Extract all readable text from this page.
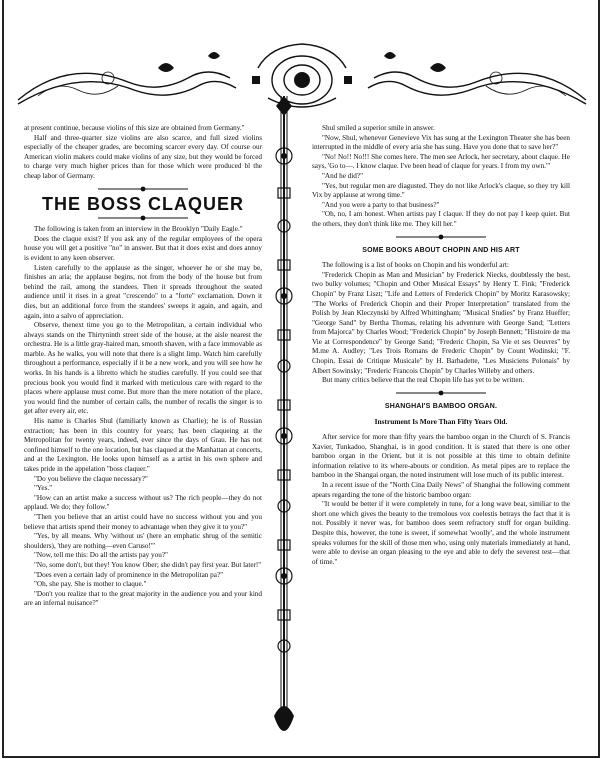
at present continue, because violins of this size are obtained from Germany."

Half and three-quarter size violins are also scarce, and full sized violins especially of the cheaper grades, are becoming scarcer every day. Of course our American violin makers could make violins of any size, but they would be forced to charge very much higher prices than for those which were produced bl the cheap labor of Germany.

THE BOSS CLAQUER

The following is taken from an interview in the Brooklyn "Daily Eagle."

Does the claque exist? If you ask any of the regular employees of the opera house you will get a positive "no" in answer. But that it does exist and does annoy is evident to any keen observer.

Listen carefully to the applause as the singer, whoever he or she may be, finishes an aria; the applause begins, not from the body of the house but from behind the rail, among the standees. Then it spreads throughout the seated audience until it rises in a great "crescendo" to a "forte" exclamation. Down it dies, but an additional force from the standees' sweeps it again, and again, and again, into a salvo of appreciation.

Observe, thenext time you go to the Metropolitan, a certain individual who always stands on the Thirtyninth street side of the house, at the aisle nearest the orchestra. He is a little gray-haired man, smooth shaven, with a face immovable as marble. As he walks, you will note that there is a slight limp. Watch him carefully throughout a performance, especially if it be a new work, and you will see how he works. In his hands is a libretto which he studies carefully. If you could see that precious book you would find it marked with meticulous care with regard to the places where applause must come. But more than the mere notation of the place, you would find the number of certain calls, the number of recalls the singer is to get after every air, etc.

His name is Charles Shul (familiarly known as Charlie); he is of Russian extraction; has been in this country for years; has been claqueing at the Metropolitan for twenty years, indeed, ever since the days of Grau. He has not confined himself to the one location, but has claqued at the Manhattan at concerts, and at the Lexington. He looks upon himself as a artist in his own sphere and takes pride in the appelation "boss claquer."

"Do you believe the claque necessary?"

"Yes."

"How can an artist make a success without us? The rich people—they do not applaud. We do; they follow."

"Then you believe that an artist could have no success without you and you believe that artists spend their money to advantage when they give it to you?"

"Yes, by all means. Why 'without us' (here an emphatic shrug of the semitic shoulders), 'they are nothing—even Caruso!'"

"Now, tell me this: Do all the artists pay you?"

"No, some don't, but they! You know Ober; she didn't pay first year. But later!"

"Does even a certain lady of prominence in the Metropolitan pa?"

"Oh, she pay. She is mother to claque."

"Don't you realize that to the great majority in the audience you and your kind are an infernal nuisance?"

Shul smiled a superior smile in answer.

"Now, Shul, whenever Genevieve Vix has sung at the Lexington Theater she has been interrupted in the middle of every aria she has sung. Have you done that to save her?"

"No! No!! No!!! She comes here. The men see Arlock, her secretary, about claque. He says, 'Go to—. I know claque. I've been head of claque for years. I from my own.'"

"And he did?"

"Yes, but regular men are diagusted. They do not like Arlock's claque, so they try kill Vix by applause at wrong time."

"And you were a party to that business?"

"Oh, no, I am honest. When artists pay I claque. If they do not pay I keep quiet. But the others, they don't think like me. They kill her."

SOME BOOKS ABOUT CHOPIN AND HIS ART

The following is a list of books on Chopin and his wonderful art:

"Frederick Chopin as Man and Musician" by Frederick Niecks, doubtlessly the best, two bulky volumes; "Chopin and Other Musical Essays" by Henry T. Fink; "Frederick Chopin" by Franz Liszt; "Life and Letters of Frederick Chopin" by Moritz Karasowsky; "The Works of Frederick Chopin and their Proper Interpretation" translated from the Polish by Jean Kleczynski by Alfred Whittingham; "Musical Studies" by Franz Hueffer; "George Sand" by Bertha Thomas, relating his adventure with George Sand; "Letters from Majorca" by Charles Wood; "Frederick Chopin" by Joseph Bennett; "Histoire de ma Vie at Correspondence" by George Sand; "Frederic Chopin, Sa Vie et ses Oeuvres" by M.me A. Audley; "Les Trois Romans de Frederic Chopin" by Count Wodinski; "F. Chopin, Essai de Critique Musicale" by H. Barbadette, "Les Musiciens Polonais" by Albert Sowinsky; "Frederic Francois Chopin" by Charles Willeby and others.

But many critics believe that the real Chopin life has yet to be written.

SHANGHAI'S BAMBOO ORGAN.
Instrument Is More Than Fifty Years Old.

After service for more than fifty years the bamboo organ in the Church of S. Francis Xavier, Tunkadoo, Shanghai, is in good condition. It is stated that there is one other bamboo organ in the Orient, but it is not possible at this time to obtain definite information relative to its where-abouts or condition. As metal pipes are to replace the bamboo in the Shangai organ, the noted instrument will lose much of its public interest.

In a recent issue of the "North Cina Daily News" of Shanghai the following comment apears regarding the tone of the historic bamboo organ:

"It would be better if it were completely in tune, for a long wave beat, similiar to the short one which gives the beauty to the tremolous vox coelestis betrays the fact that it is not. Possibly it never was, for bamboo does seem refractory stuff for organ building. Despite this, however, the tone is sweet, if somewhat 'woolly', and the whole instrument speaks volumes for the skill of those men who, using only materials immediately at hand, were able to devise an organ pleasing to the eye and able to defy the severest test—that of time."
